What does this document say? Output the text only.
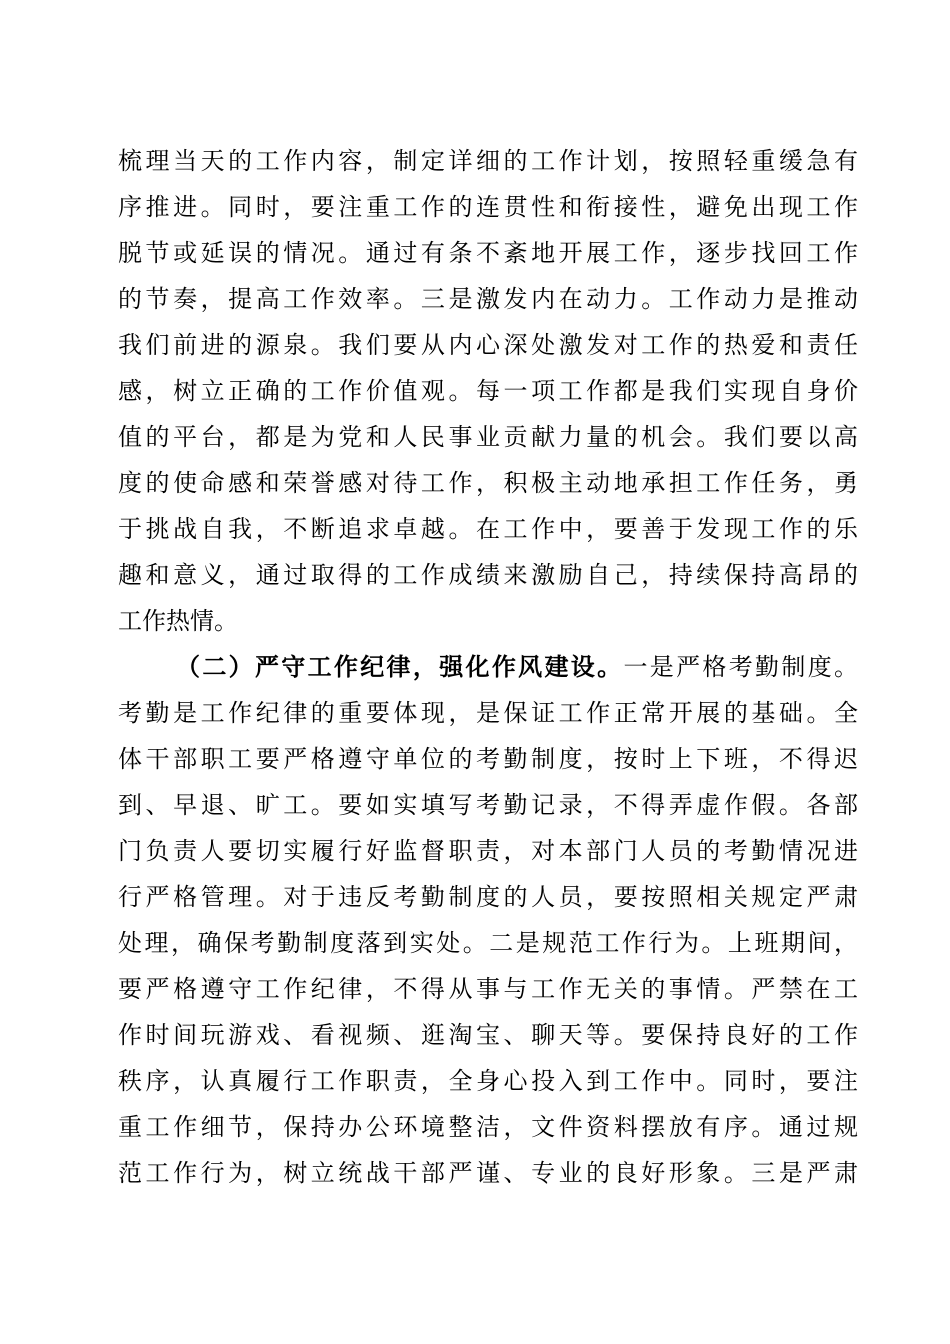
梳理当天的工作内容，制定详细的工作计划，按照轻重缓急有
序推进。同时，要注重工作的连贯性和衔接性，避免出现工作
脱节或延误的情况。通过有条不紊地开展工作，逐步找回工作
的节奏，提高工作效率。三是激发内在动力。工作动力是推动
我们前进的源泉。我们要从内心深处激发对工作的热爱和责任
感，树立正确的工作价值观。每一项工作都是我们实现自身价
值的平台，都是为党和人民事业贡献力量的机会。我们要以高
度的使命感和荣誉感对待工作，积极主动地承担工作任务，勇
于挑战自我，不断追求卓越。在工作中，要善于发现工作的乐
趣和意义，通过取得的工作成绩来激励自己，持续保持高昂的
工作热情。
（二）严守工作纪律，强化作风建设。一是严格考勤制度。
考勤是工作纪律的重要体现，是保证工作正常开展的基础。全
体干部职工要严格遵守单位的考勤制度，按时上下班，不得迟
到、早退、旷工。要如实填写考勤记录，不得弄虚作假。各部
门负责人要切实履行好监督职责，对本部门人员的考勤情况进
行严格管理。对于违反考勤制度的人员，要按照相关规定严肃
处理，确保考勤制度落到实处。二是规范工作行为。上班期间，
要严格遵守工作纪律，不得从事与工作无关的事情。严禁在工
作时间玩游戏、看视频、逛淘宝、聊天等。要保持良好的工作
秩序，认真履行工作职责，全身心投入到工作中。同时，要注
重工作细节，保持办公环境整洁，文件资料摆放有序。通过规
范工作行为，树立统战干部严谨、专业的良好形象。三是严肃
